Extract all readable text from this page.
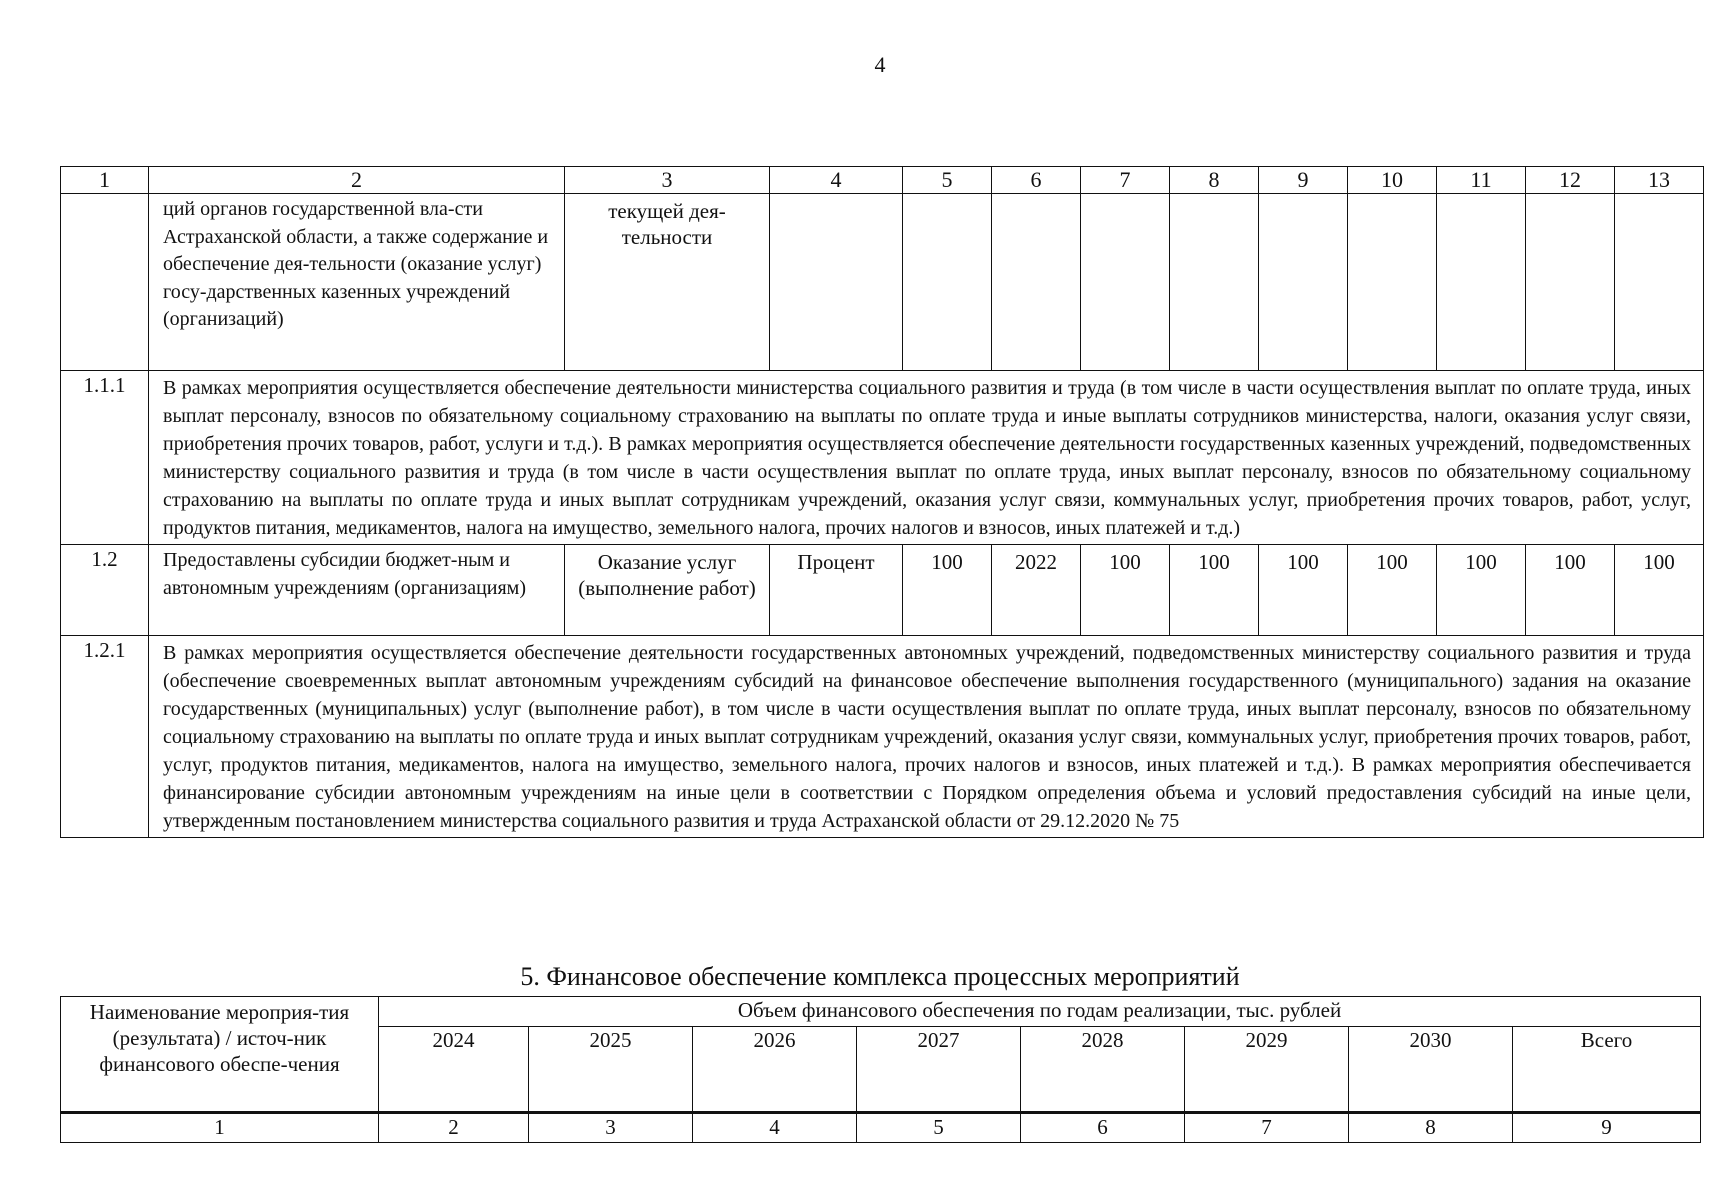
4
1	2	3	4	5	6	7	8	9	10	11	12	13
	ций органов государственной вла-сти Астраханской области, а также содержание и обеспечение дея-тельности (оказание услуг) госу-дарственных казенных учреждений (организаций)	текущей дея-тельности										
1.1.1	В рамках мероприятия осуществляется обеспечение деятельности министерства социального развития и труда (в том числе в части осуществления выплат по оплате труда, иных выплат персоналу, взносов по обязательному социальному страхованию на выплаты по оплате труда и иные выплаты сотрудников министерства, налоги, оказания услуг связи, приобретения прочих товаров, работ, услуги и т.д.). В рамках мероприятия осуществляется обеспечение деятельности государственных казенных учреждений, подведомственных министерству социального развития и труда (в том числе в части осуществления выплат по оплате труда, иных выплат персоналу, взносов по обязательному социальному страхованию на выплаты по оплате труда и иных выплат сотрудникам учреждений, оказания услуг связи, коммунальных услуг, приобретения прочих товаров, работ, услуг, продуктов питания, медикаментов, налога на имущество, земельного налога, прочих налогов и взносов, иных платежей и т.д.)											
1.2	Предоставлены субсидии бюджет-ным и автономным учреждениям (организациям)	Оказание услуг (выполнение работ)	Процент	100	2022	100	100	100	100	100	100	100
1.2.1	В рамках мероприятия осуществляется обеспечение деятельности государственных автономных учреждений, подведомственных министерству социального развития и труда (обеспечение своевременных выплат автономным учреждениям субсидий на финансовое обеспечение выполнения государственного (муниципального) задания на оказание государственных (муниципальных) услуг (выполнение работ), в том числе в части осуществления выплат по оплате труда, иных выплат персоналу, взносов по обязательному социальному страхованию на выплаты по оплате труда и иных выплат сотрудникам учреждений, оказания услуг связи, коммунальных услуг, приобретения прочих товаров, работ, услуг, продуктов питания, медикаментов, налога на имущество, земельного налога, прочих налогов и взносов, иных платежей и т.д.). В рамках мероприятия обеспечивается финансирование субсидии автономным учреждениям на иные цели в соответствии с Порядком определения объема и условий предоставления субсидий на иные цели, утвержденным постановлением министерства социального развития и труда Астраханской области от 29.12.2020 № 75											
5. Финансовое обеспечение комплекса процессных мероприятий
Наименование мероприя-тия (результата) / источ-ник финансового обеспе-чения	Объем финансового обеспечения по годам реализации, тыс. рублей							
	2024	2025	2026	2027	2028	2029	2030	Всего
1	2	3	4	5	6	7	8	9
